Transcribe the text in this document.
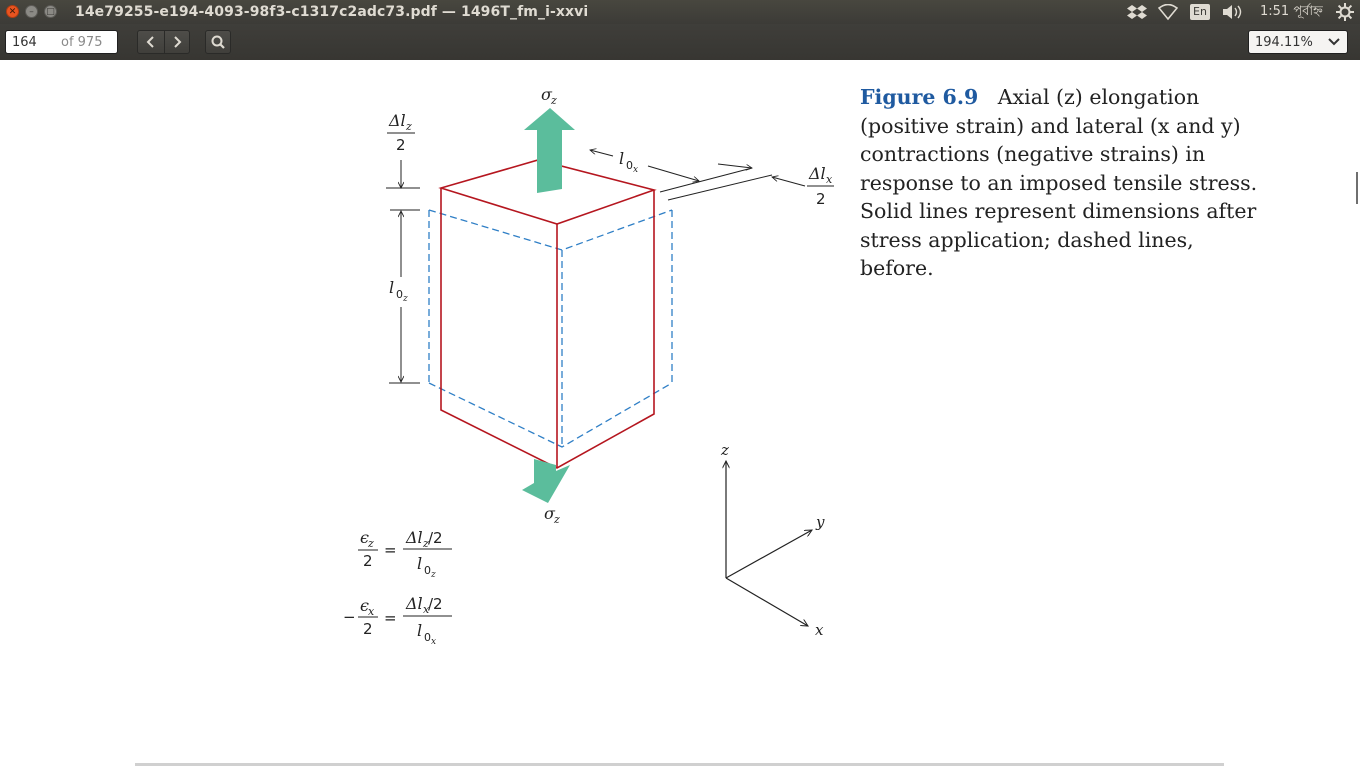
✕	–	□ 14e79255-e194-4093-98f3-c1317c2adc73.pdf — 1496T_fm_i-xxvi	En	1:51 পূর্বাহ্ন
164 of 975	194.11%
σ z
σ z
Δl z
2
l 0 z
l 0 x	Δl x
2
z
y
x
ϵ z
2
=
Δl z /2
l 0 z
−
ϵ x
2
=
Δl x
/2
l 0 x
Figure 6.9 Axial (z) elongation (positive strain) and lateral (x and y) contractions (negative strains) in response to an imposed tensile stress. Solid lines represent dimensions after stress application; dashed lines, before.
